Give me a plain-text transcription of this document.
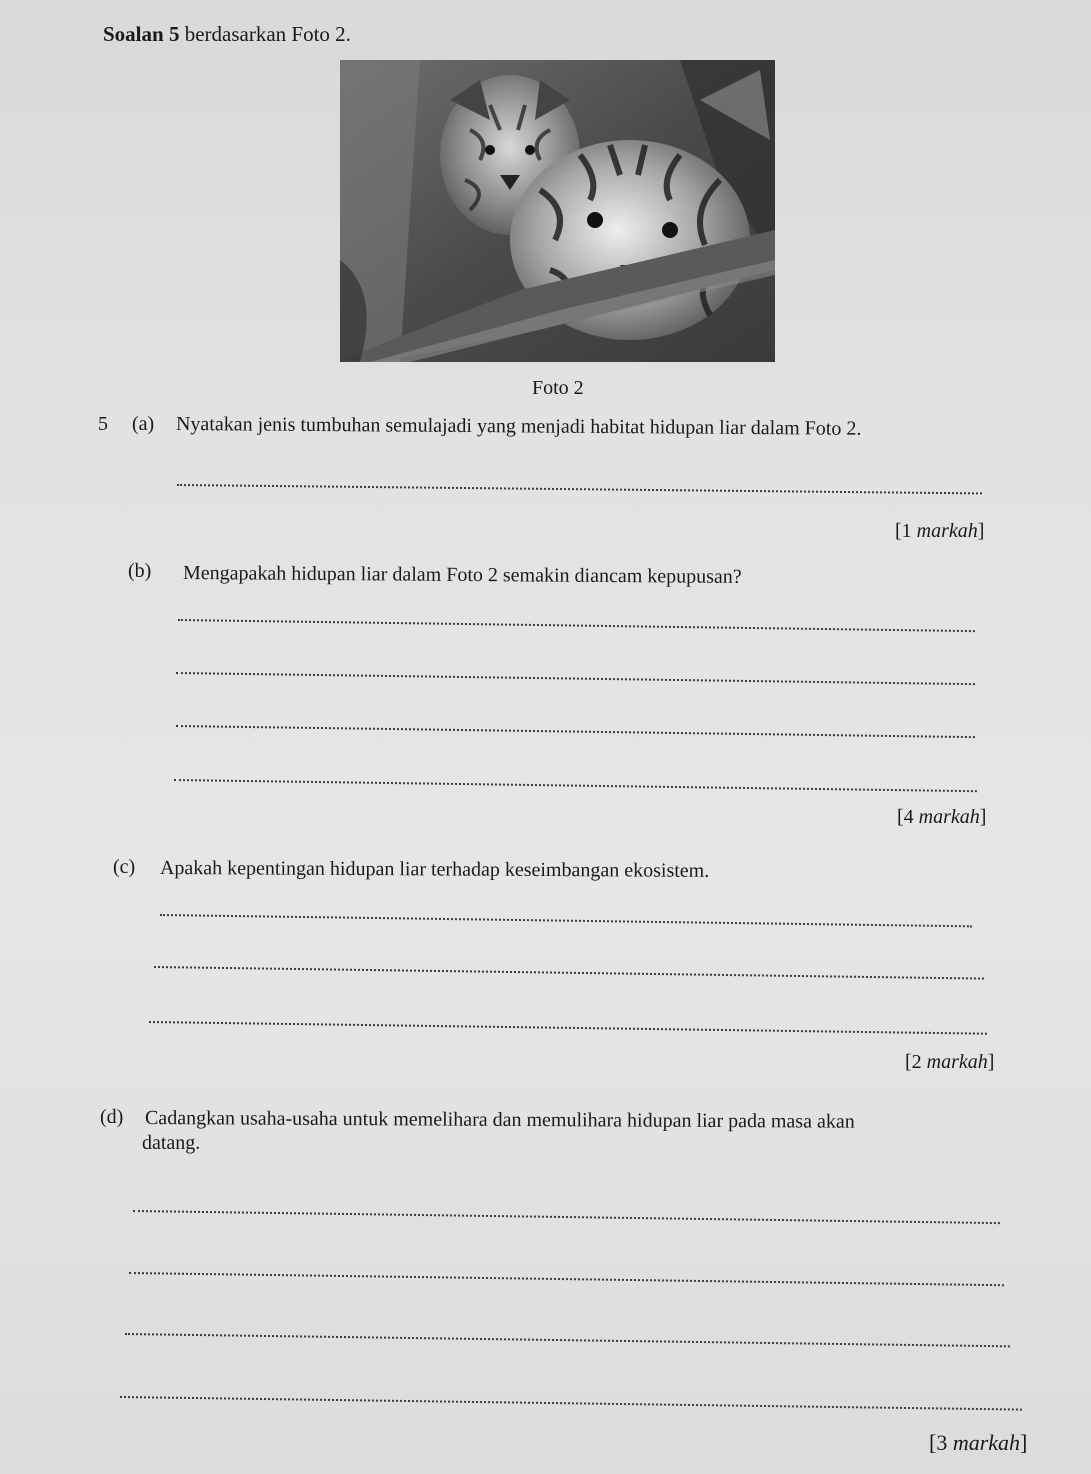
Soalan 5 berdasarkan Foto 2.
Foto 2
5 (a) Nyatakan jenis tumbuhan semulajadi yang menjadi habitat hidupan liar dalam Foto 2.
[1 markah]
(b) Mengapakah hidupan liar dalam Foto 2 semakin diancam kepupusan?
[4 markah]
(c) Apakah kepentingan hidupan liar terhadap keseimbangan ekosistem.
[2 markah]
(d) Cadangkan usaha-usaha untuk memelihara dan memulihara hidupan liar pada masa akan
datang.
[3 markah]
